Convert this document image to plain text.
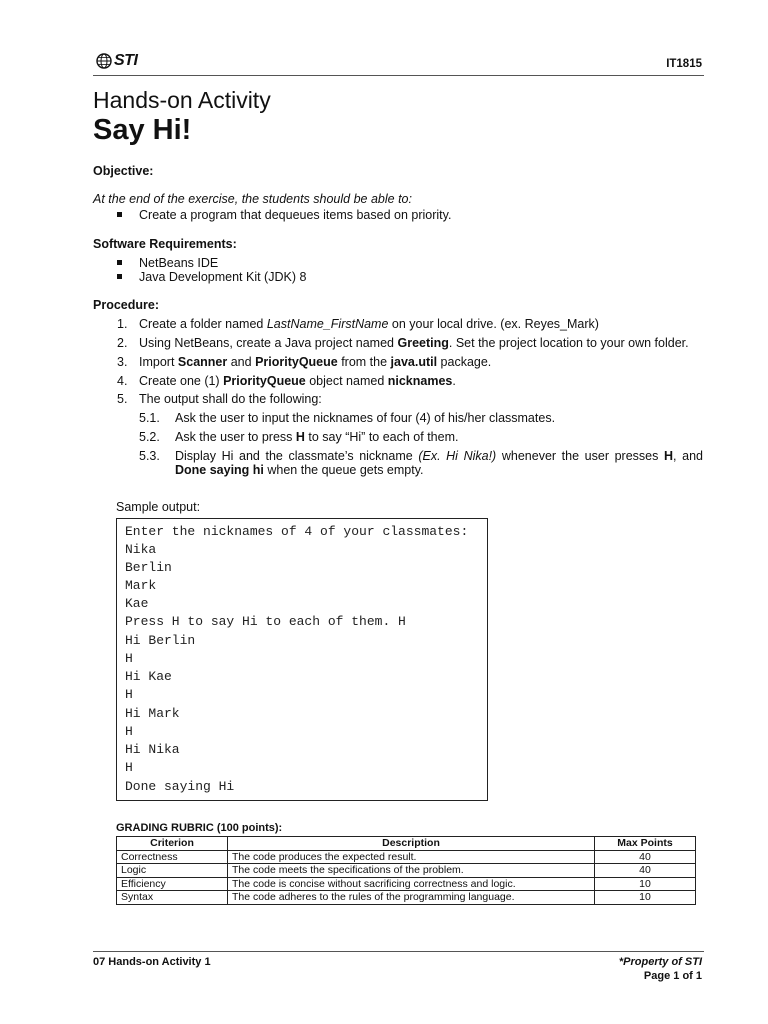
STI	IT1815
Hands-on Activity
Say Hi!
Objective:
At the end of the exercise, the students should be able to:
Create a program that dequeues items based on priority.
Software Requirements:
NetBeans IDE
Java Development Kit (JDK) 8
Procedure:
1. Create a folder named LastName_FirstName on your local drive. (ex. Reyes_Mark)
2. Using NetBeans, create a Java project named Greeting. Set the project location to your own folder.
3. Import Scanner and PriorityQueue from the java.util package.
4. Create one (1) PriorityQueue object named nicknames.
5. The output shall do the following:
5.1. Ask the user to input the nicknames of four (4) of his/her classmates.
5.2. Ask the user to press H to say “Hi” to each of them.
5.3. Display Hi and the classmate’s nickname (Ex. Hi Nika!) whenever the user presses H, and
Done saying hi when the queue gets empty.
Sample output:
Enter the nicknames of 4 of your classmates:
Nika
Berlin
Mark
Kae
Press H to say Hi to each of them. H
Hi Berlin
H
Hi Kae
H
Hi Mark
H
Hi Nika
H
Done saying Hi
GRADING RUBRIC (100 points):
Criterion	Description	Max Points
Correctness	The code produces the expected result.	40
Logic	The code meets the specifications of the problem.	40
Efficiency	The code is concise without sacrificing correctness and logic.	10
Syntax	The code adheres to the rules of the programming language.	10
07 Hands-on Activity 1	*Property of STI
Page 1 of 1
